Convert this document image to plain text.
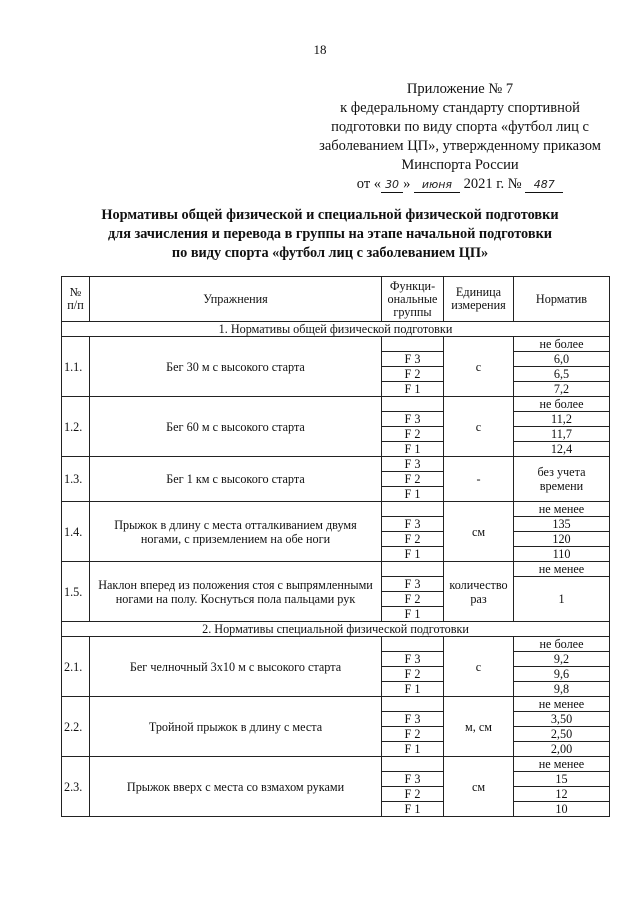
18
Приложение № 7
к федеральному стандарту спортивной
подготовки по виду спорта «футбол лиц с
заболеванием ЦП», утвержденному приказом
Минспорта России
от « 30 » июня 2021 г. № 487
Нормативы общей физической и специальной физической подготовки
для зачисления и перевода в группы на этапе начальной подготовки
по виду спорта «футбол лиц с заболеванием ЦП»
№ п/п	Упражнения	Функци-ональные группы	Единица измерения	Норматив
1. Нормативы общей физической подготовки				
1.1.	Бег 30 м с высокого старта		с	не более
		F 3		6,0
		F 2		6,5
		F 1		7,2
1.2.	Бег 60 м с высокого старта		с	не более
		F 3		11,2
		F 2		11,7
		F 1		12,4
1.3.	Бег 1 км с высокого старта	F 3	-	без учета времени
		F 2		
		F 1		
1.4.	Прыжок в длину с места отталкиванием двумя ногами, с приземлением на обе ноги		см	не менее
		F 3		135
		F 2		120
		F 1		110
1.5.	Наклон вперед из положения стоя с выпрямленными ногами на полу. Коснуться пола пальцами рук		количество раз	не менее
		F 3		1
		F 2		
		F 1		
2. Нормативы специальной физической подготовки				
2.1.	Бег челночный 3х10 м с высокого старта		с	не более
		F 3		9,2
		F 2		9,6
		F 1		9,8
2.2.	Тройной прыжок в длину с места		м, см	не менее
		F 3		3,50
		F 2		2,50
		F 1		2,00
2.3.	Прыжок вверх с места со взмахом руками		см	не менее
		F 3		15
		F 2		12
		F 1		10
